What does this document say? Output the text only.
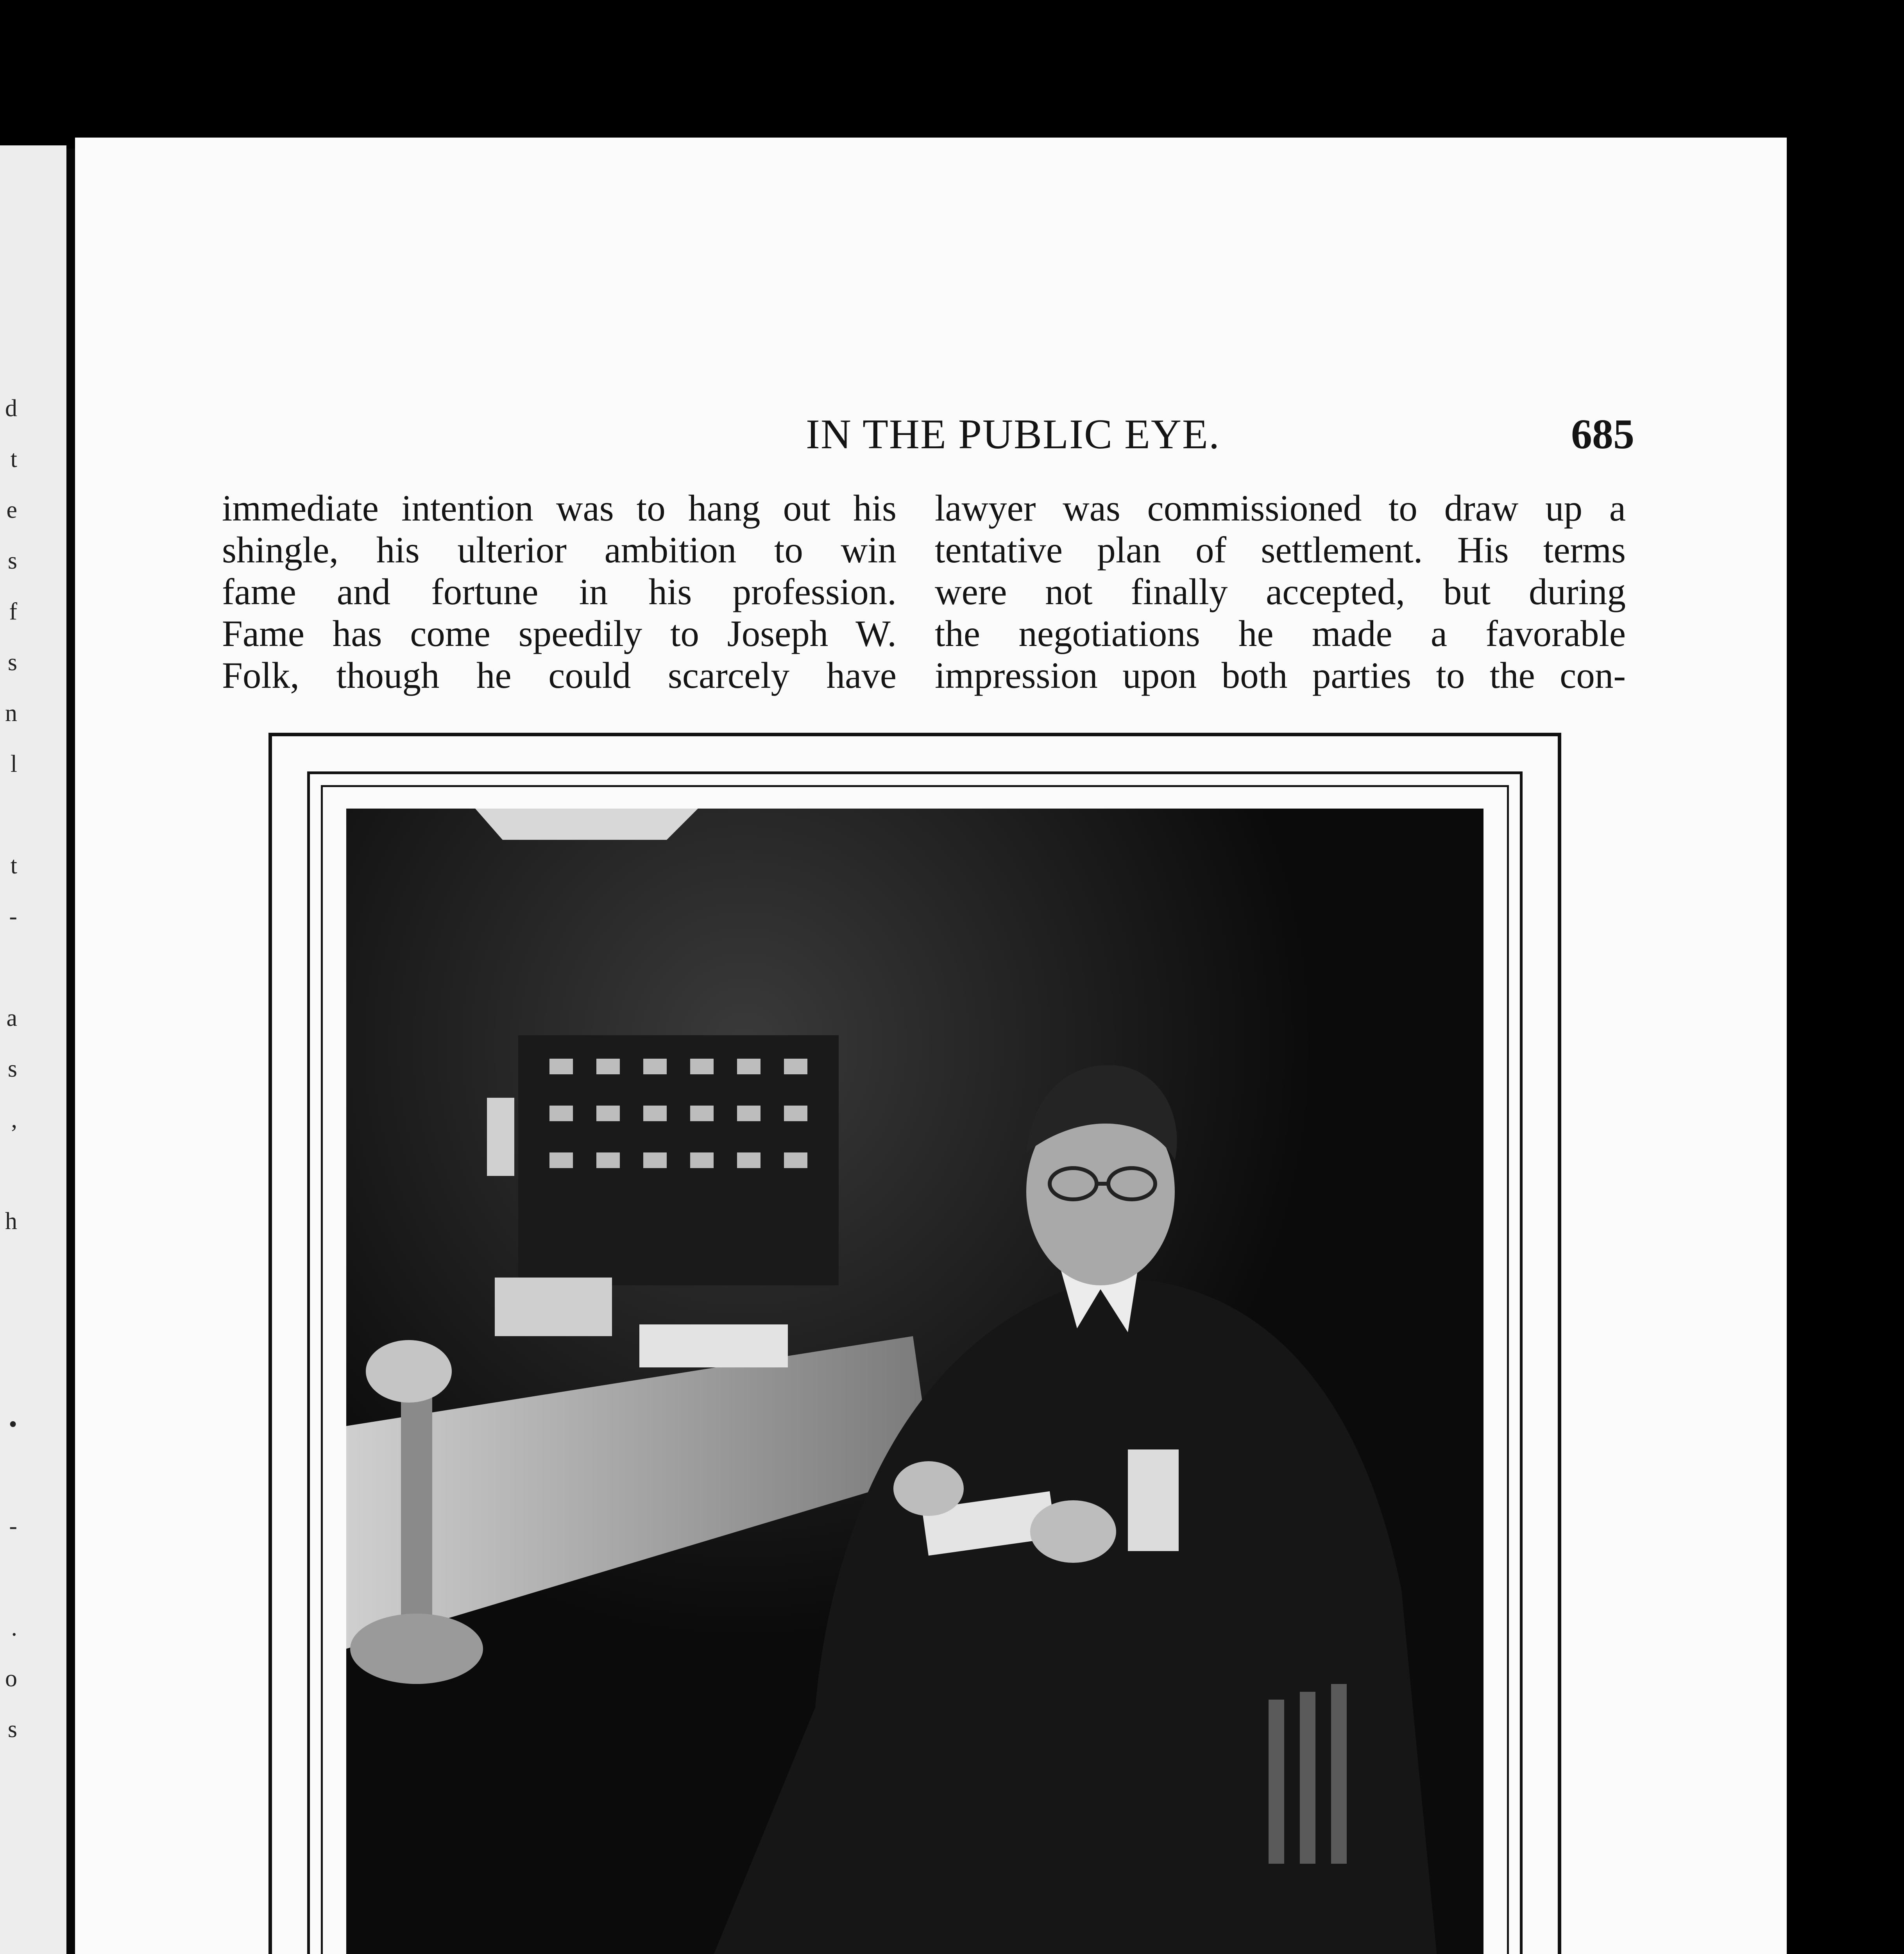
d
t
e
s
f
s
n
l
t
-
a
s
,
h
•
-
.
o
s
IN THE PUBLIC EYE.	685
immediate intention was to hang out his
shingle, his ulterior ambition to win
fame and fortune in his profession.
Fame has come speedily to Joseph W.
Folk, though he could scarcely have
lawyer was commissioned to draw up a
tentative plan of settlement. His terms
were not finally accepted, but during
the negotiations he made a favorable
impression upon both parties to the con-
